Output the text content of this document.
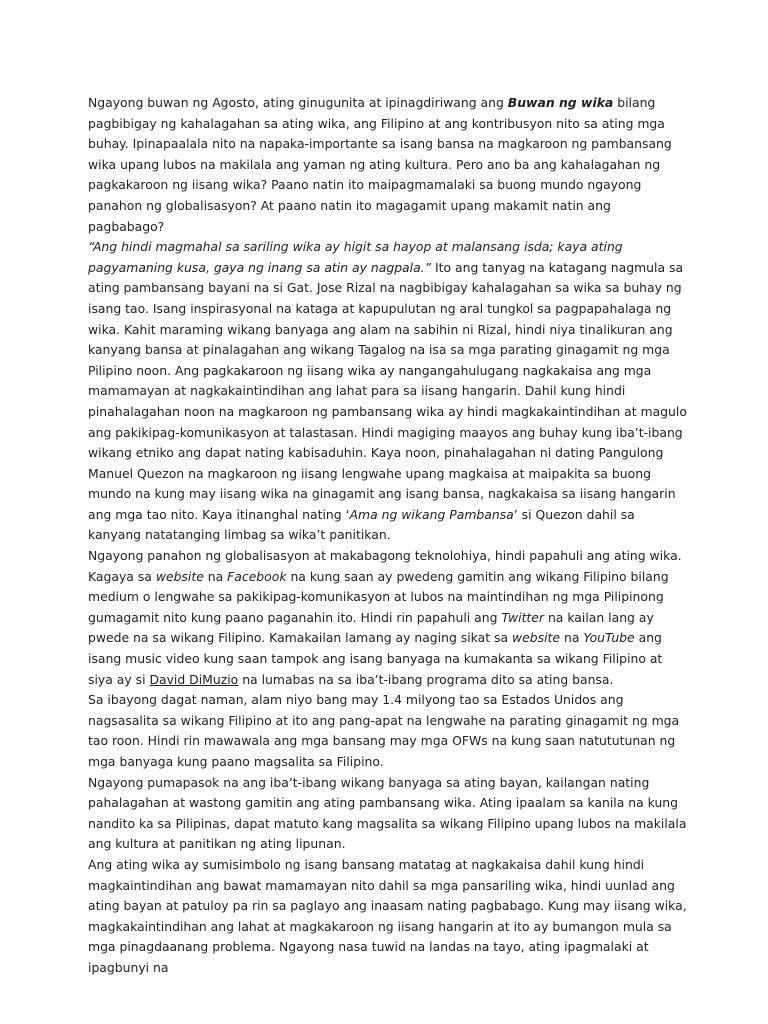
Ngayong buwan ng Agosto, ating ginugunita at ipinagdiriwang ang Buwan ng wika bilang pagbibigay ng kahalagahan sa ating wika, ang Filipino at ang kontribusyon nito sa ating mga buhay. Ipinapaalala nito na napaka-importante sa isang bansa na magkaroon ng pambansang wika upang lubos na makilala ang yaman ng ating kultura. Pero ano ba ang kahalagahan ng pagkakaroon ng iisang wika? Paano natin ito maipagmamalaki sa buong mundo ngayong panahon ng globalisasyon? At paano natin ito magagamit upang makamit natin ang pagbabago?

“Ang hindi magmahal sa sariling wika ay higit sa hayop at malansang isda; kaya ating pagyamaning kusa, gaya ng inang sa atin ay nagpala.” Ito ang tanyag na katagang nagmula sa ating pambansang bayani na si Gat. Jose Rizal na nagbibigay kahalagahan sa wika sa buhay ng isang tao. Isang inspirasyonal na kataga at kapupulutan ng aral tungkol sa pagpapahalaga ng wika. Kahit maraming wikang banyaga ang alam na sabihin ni Rizal, hindi niya tinalikuran ang kanyang bansa at pinalagahan ang wikang Tagalog na isa sa mga parating ginagamit ng mga Pilipino noon. Ang pagkakaroon ng iisang wika ay nangangahulugang nagkakaisa ang mga mamamayan at nagkakaintindihan ang lahat para sa iisang hangarin. Dahil kung hindi pinahalagahan noon na magkaroon ng pambansang wika ay hindi magkakaintindihan at magulo ang pakikipag-komunikasyon at talastasan. Hindi magiging maayos ang buhay kung iba’t-ibang wikang etniko ang dapat nating kabisaduhin. Kaya noon, pinahalagahan ni dating Pangulong Manuel Quezon na magkaroon ng iisang lengwahe upang magkaisa at maipakita sa buong mundo na kung may iisang wika na ginagamit ang isang bansa, nagkakaisa sa iisang hangarin ang mga tao nito. Kaya itinanghal nating ‘Ama ng wikang Pambansa’ si Quezon dahil sa kanyang natatanging limbag sa wika’t panitikan.

Ngayong panahon ng globalisasyon at makabagong teknolohiya, hindi papahuli ang ating wika. Kagaya sa website na Facebook na kung saan ay pwedeng gamitin ang wikang Filipino bilang medium o lengwahe sa pakikipag-komunikasyon at lubos na maintindihan ng mga Pilipinong gumagamit nito kung paano paganahin ito. Hindi rin papahuli ang Twitter na kailan lang ay pwede na sa wikang Filipino. Kamakailan lamang ay naging sikat sa website na YouTube ang isang music video kung saan tampok ang isang banyaga na kumakanta sa wikang Filipino at siya ay si David DiMuzio na lumabas na sa iba’t-ibang programa dito sa ating bansa.

Sa ibayong dagat naman, alam niyo bang may 1.4 milyong tao sa Estados Unidos ang nagsasalita sa wikang Filipino at ito ang pang-apat na lengwahe na parating ginagamit ng mga tao roon. Hindi rin mawawala ang mga bansang may mga OFWs na kung saan natututunan ng mga banyaga kung paano magsalita sa Filipino.

Ngayong pumapasok na ang iba’t-ibang wikang banyaga sa ating bayan, kailangan nating pahalagahan at wastong gamitin ang ating pambansang wika. Ating ipaalam sa kanila na kung nandito ka sa Pilipinas, dapat matuto kang magsalita sa wikang Filipino upang lubos na makilala ang kultura at panitikan ng ating lipunan.

Ang ating wika ay sumisimbolo ng isang bansang matatag at nagkakaisa dahil kung hindi magkaintindihan ang bawat mamamayan nito dahil sa mga pansariling wika, hindi uunlad ang ating bayan at patuloy pa rin sa paglayo ang inaasam nating pagbabago. Kung may iisang wika, magkakaintindihan ang lahat at magkakaroon ng iisang hangarin at ito ay bumangon mula sa mga pinagdaanang problema. Ngayong nasa tuwid na landas na tayo, ating ipagmalaki at ipagbunyi na
